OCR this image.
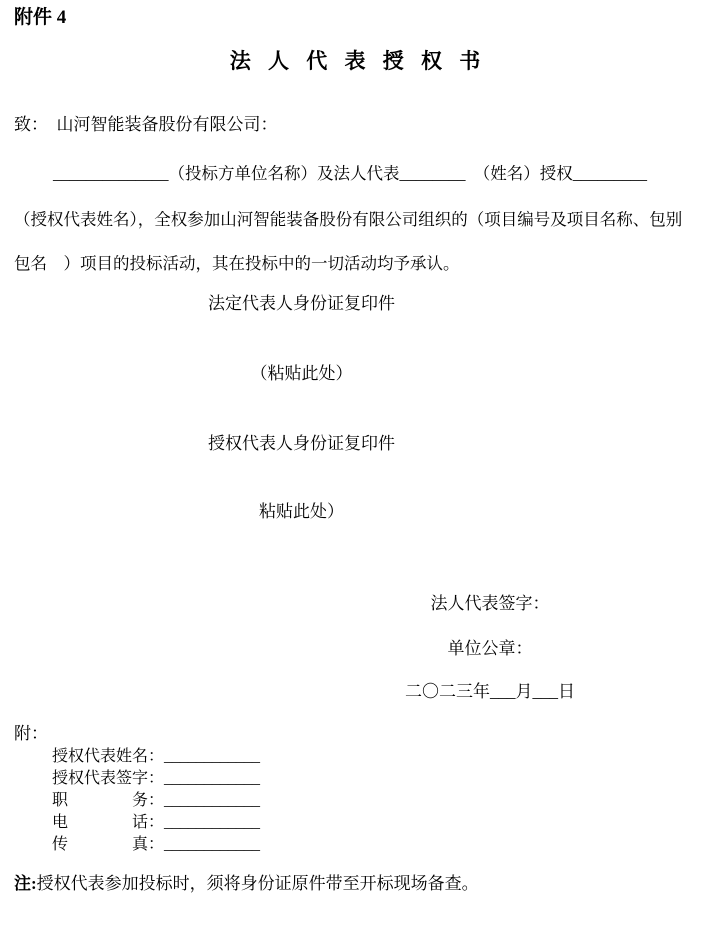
附件 4
法 人 代 表 授 权 书
致：　山河智能装备股份有限公司：
______________（投标方单位名称）及法人代表________　（姓名）授权_________
（授权代表姓名），全权参加山河智能装备股份有限公司组织的（项目编号及项目名称、包别
包名　）项目的投标活动，其在投标中的一切活动均予承认。
法定代表人身份证复印件
（粘贴此处）
授权代表人身份证复印件
粘贴此处）
法人代表签字：
单位公章：
二〇二三年___月___日
附：
授权代表姓名：____________
授权代表签字：____________
职　　　　务：____________
电　　　　话：____________
传　　　　真：____________
注:授权代表参加投标时，须将身份证原件带至开标现场备查。
